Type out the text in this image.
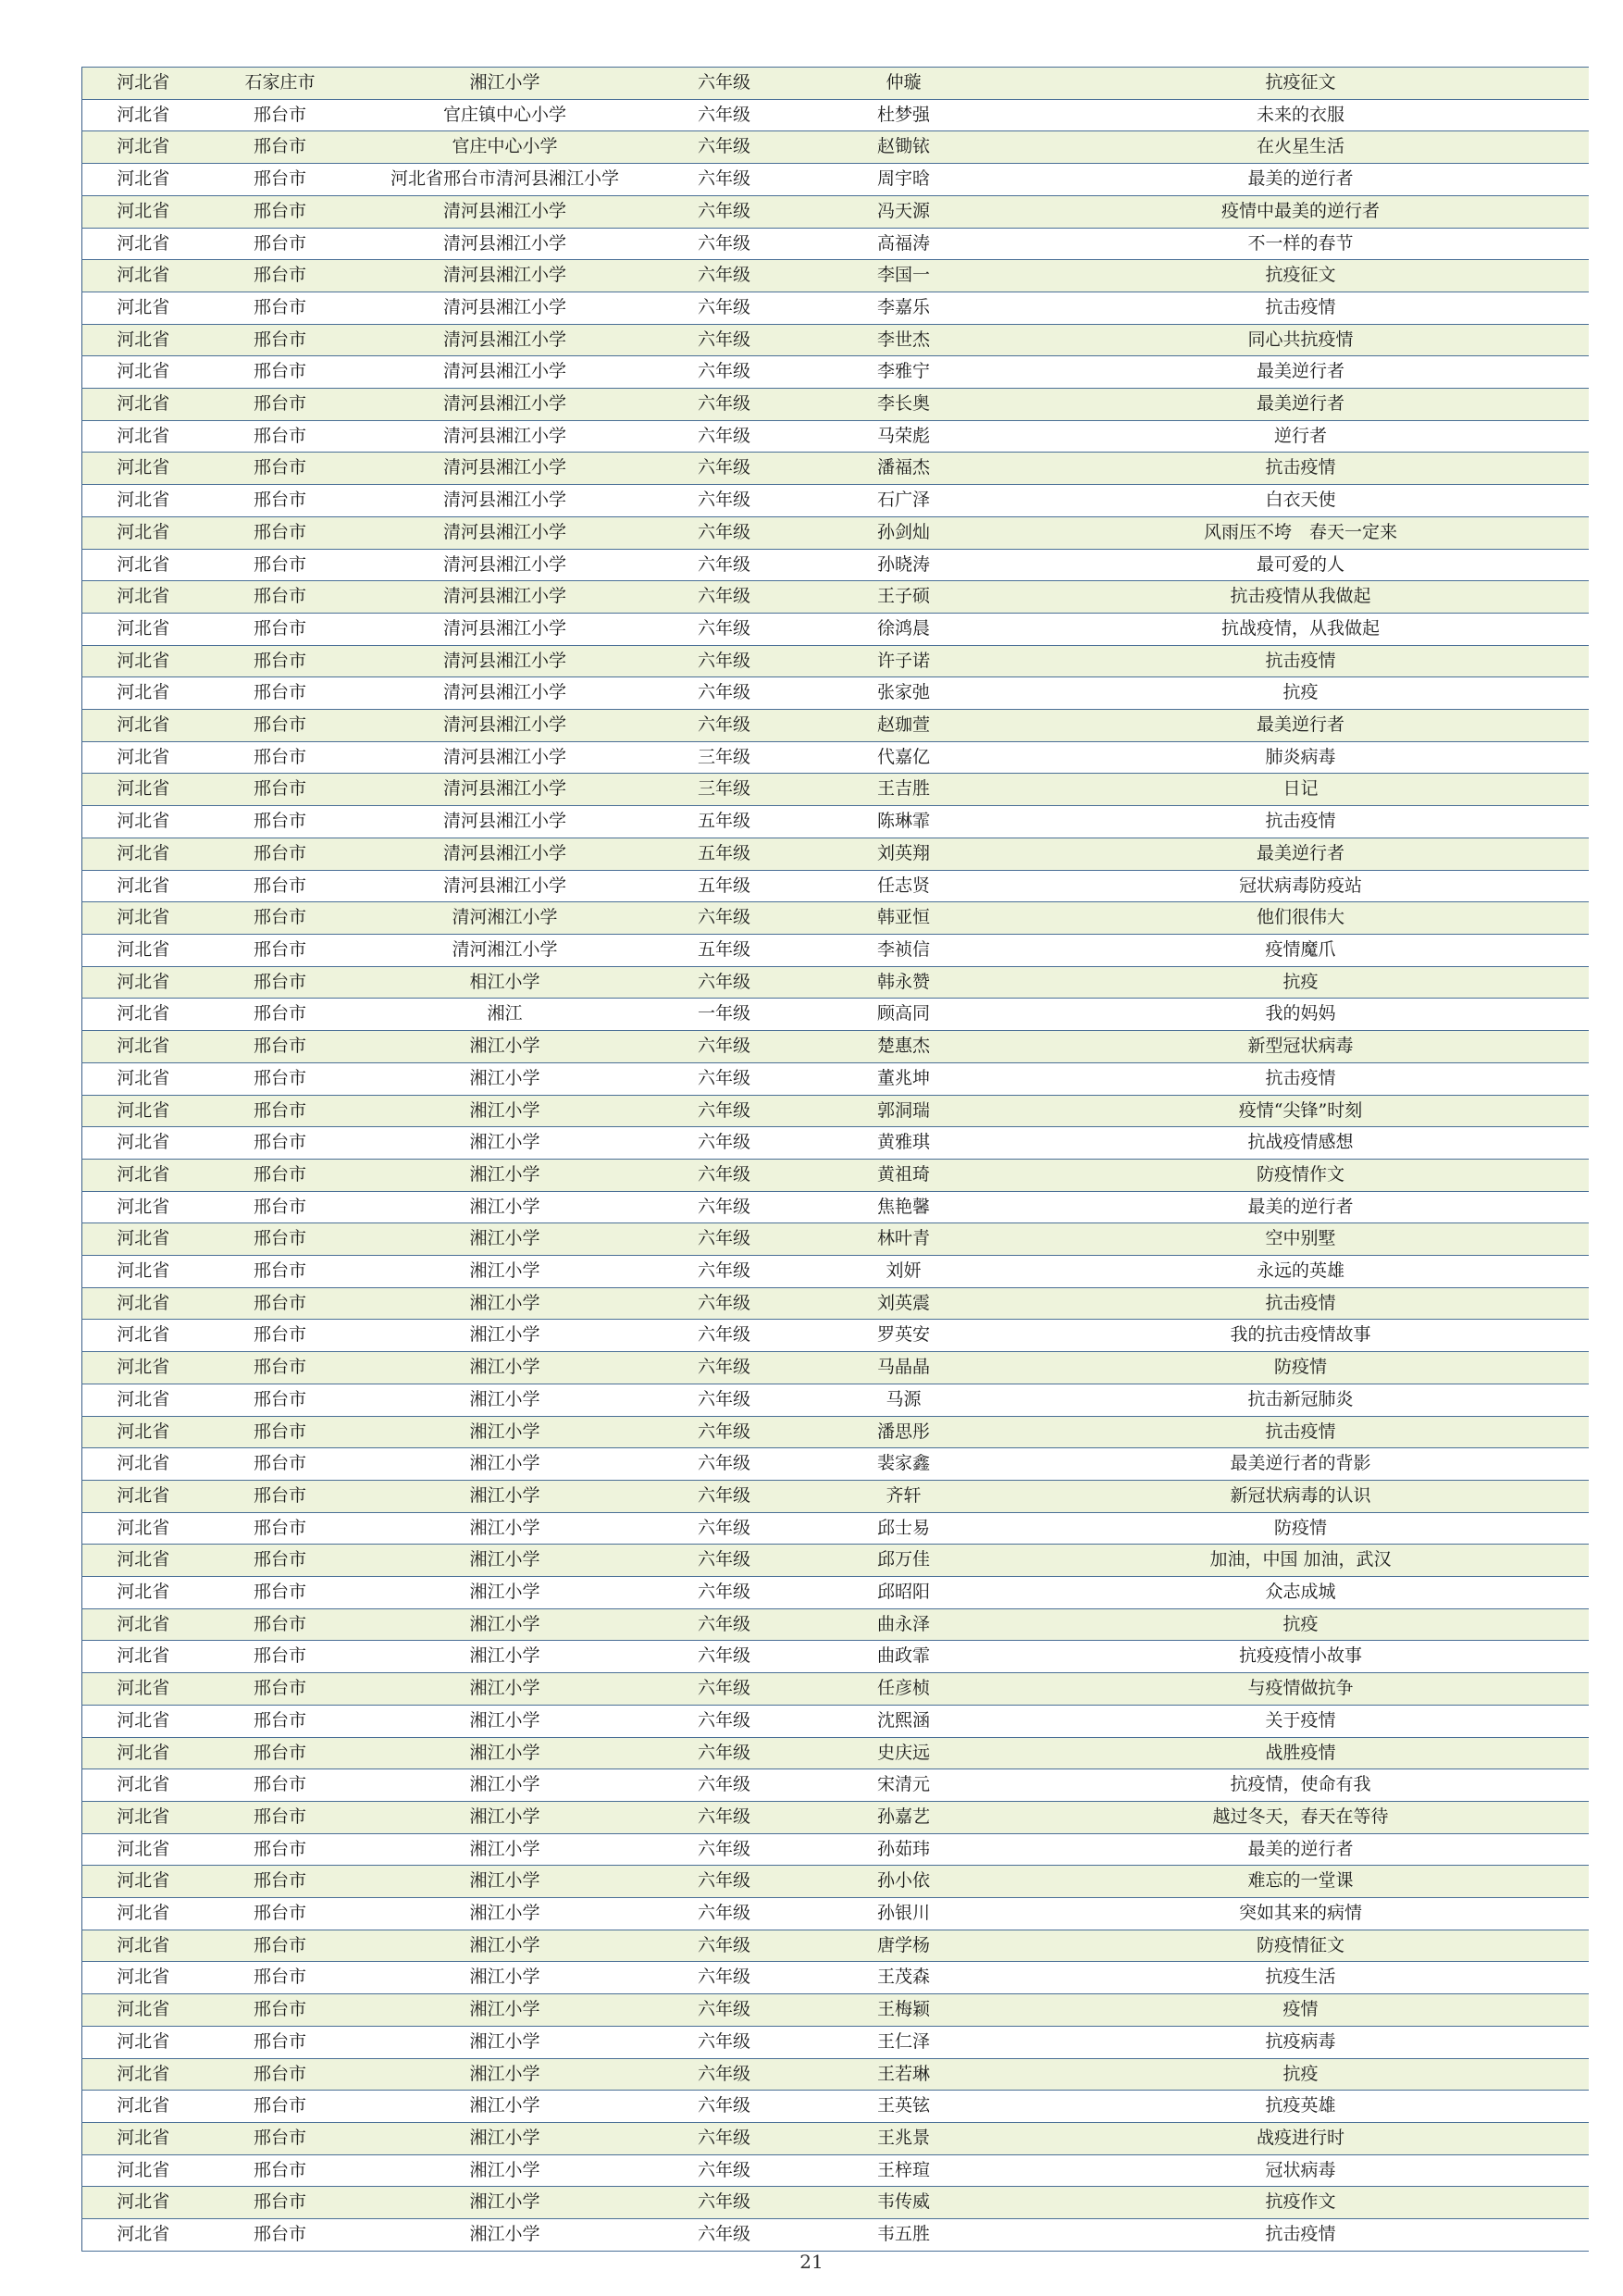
河北省	石家庄市	湘江小学	六年级	仲璇	抗疫征文
河北省	邢台市	官庄镇中心小学	六年级	杜梦强	未来的衣服
河北省	邢台市	官庄中心小学	六年级	赵锄铱	在火星生活
河北省	邢台市	河北省邢台市清河县湘江小学	六年级	周宇晗	最美的逆行者
河北省	邢台市	清河县湘江小学	六年级	冯天源	疫情中最美的逆行者
河北省	邢台市	清河县湘江小学	六年级	高福涛	不一样的春节
河北省	邢台市	清河县湘江小学	六年级	李国一	抗疫征文
河北省	邢台市	清河县湘江小学	六年级	李嘉乐	抗击疫情
河北省	邢台市	清河县湘江小学	六年级	李世杰	同心共抗疫情
河北省	邢台市	清河县湘江小学	六年级	李雅宁	最美逆行者
河北省	邢台市	清河县湘江小学	六年级	李长奥	最美逆行者
河北省	邢台市	清河县湘江小学	六年级	马荣彪	逆行者
河北省	邢台市	清河县湘江小学	六年级	潘福杰	抗击疫情
河北省	邢台市	清河县湘江小学	六年级	石广泽	白衣天使
河北省	邢台市	清河县湘江小学	六年级	孙剑灿	风雨压不垮　春天一定来
河北省	邢台市	清河县湘江小学	六年级	孙晓涛	最可爱的人
河北省	邢台市	清河县湘江小学	六年级	王子硕	抗击疫情从我做起
河北省	邢台市	清河县湘江小学	六年级	徐鸿晨	抗战疫情，从我做起
河北省	邢台市	清河县湘江小学	六年级	许子诺	抗击疫情
河北省	邢台市	清河县湘江小学	六年级	张家弛	抗疫
河北省	邢台市	清河县湘江小学	六年级	赵珈萱	最美逆行者
河北省	邢台市	清河县湘江小学	三年级	代嘉亿	肺炎病毒
河北省	邢台市	清河县湘江小学	三年级	王吉胜	日记
河北省	邢台市	清河县湘江小学	五年级	陈琳霏	抗击疫情
河北省	邢台市	清河县湘江小学	五年级	刘英翔	最美逆行者
河北省	邢台市	清河县湘江小学	五年级	任志贤	冠状病毒防疫站
河北省	邢台市	清河湘江小学	六年级	韩亚恒	他们很伟大
河北省	邢台市	清河湘江小学	五年级	李祯信	疫情魔爪
河北省	邢台市	相江小学	六年级	韩永赞	抗疫
河北省	邢台市	湘江	一年级	顾高同	我的妈妈
河北省	邢台市	湘江小学	六年级	楚惠杰	新型冠状病毒
河北省	邢台市	湘江小学	六年级	董兆坤	抗击疫情
河北省	邢台市	湘江小学	六年级	郭洞瑞	疫情“尖锋”时刻
河北省	邢台市	湘江小学	六年级	黄雅琪	抗战疫情感想
河北省	邢台市	湘江小学	六年级	黄祖琦	防疫情作文
河北省	邢台市	湘江小学	六年级	焦艳馨	最美的逆行者
河北省	邢台市	湘江小学	六年级	林叶青	空中别墅
河北省	邢台市	湘江小学	六年级	刘妍	永远的英雄
河北省	邢台市	湘江小学	六年级	刘英震	抗击疫情
河北省	邢台市	湘江小学	六年级	罗英安	我的抗击疫情故事
河北省	邢台市	湘江小学	六年级	马晶晶	防疫情
河北省	邢台市	湘江小学	六年级	马源	抗击新冠肺炎
河北省	邢台市	湘江小学	六年级	潘思彤	抗击疫情
河北省	邢台市	湘江小学	六年级	裴家鑫	最美逆行者的背影
河北省	邢台市	湘江小学	六年级	齐轩	新冠状病毒的认识
河北省	邢台市	湘江小学	六年级	邱士易	防疫情
河北省	邢台市	湘江小学	六年级	邱万佳	加油，中国 加油，武汉
河北省	邢台市	湘江小学	六年级	邱昭阳	众志成城
河北省	邢台市	湘江小学	六年级	曲永泽	抗疫
河北省	邢台市	湘江小学	六年级	曲政霏	抗疫疫情小故事
河北省	邢台市	湘江小学	六年级	任彦桢	与疫情做抗争
河北省	邢台市	湘江小学	六年级	沈熙涵	关于疫情
河北省	邢台市	湘江小学	六年级	史庆远	战胜疫情
河北省	邢台市	湘江小学	六年级	宋清元	抗疫情，使命有我
河北省	邢台市	湘江小学	六年级	孙嘉艺	越过冬天，春天在等待
河北省	邢台市	湘江小学	六年级	孙茹玮	最美的逆行者
河北省	邢台市	湘江小学	六年级	孙小依	难忘的一堂课
河北省	邢台市	湘江小学	六年级	孙银川	突如其来的病情
河北省	邢台市	湘江小学	六年级	唐学杨	防疫情征文
河北省	邢台市	湘江小学	六年级	王茂森	抗疫生活
河北省	邢台市	湘江小学	六年级	王梅颖	疫情
河北省	邢台市	湘江小学	六年级	王仁泽	抗疫病毒
河北省	邢台市	湘江小学	六年级	王若琳	抗疫
河北省	邢台市	湘江小学	六年级	王英铉	抗疫英雄
河北省	邢台市	湘江小学	六年级	王兆景	战疫进行时
河北省	邢台市	湘江小学	六年级	王梓瑄	冠状病毒
河北省	邢台市	湘江小学	六年级	韦传威	抗疫作文
河北省	邢台市	湘江小学	六年级	韦五胜	抗击疫情
21
